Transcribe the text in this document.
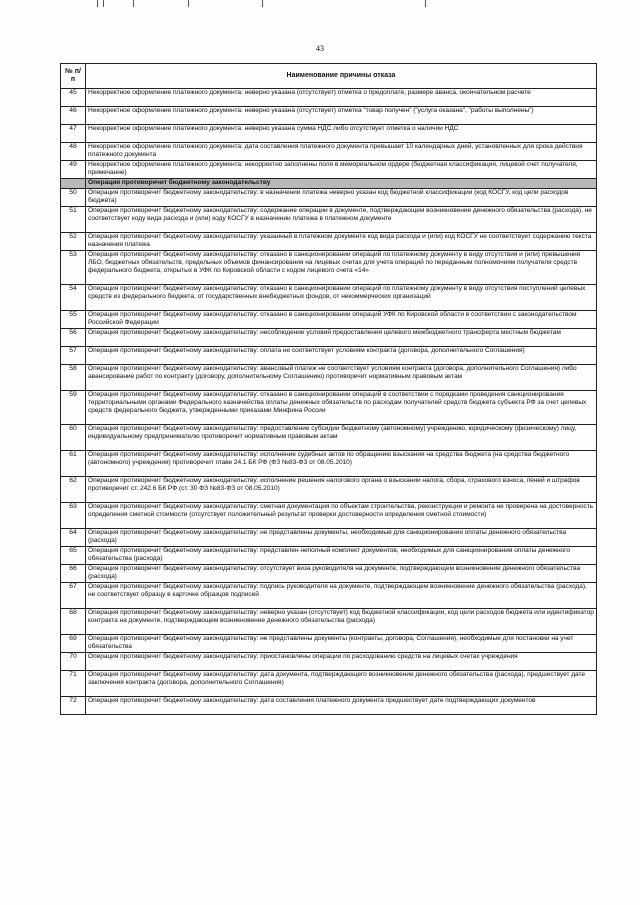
43
№ п/п	Наименование причины отказа
45	Некорректное оформление платежного документа: неверно указана (отсутствует) отметка о предоплате, размере аванса, окончательном расчете
46	Некорректное оформление платежного документа: неверно указана (отсутствует) отметка "товар получен" ("услуга оказана", "работы выполнены")
47	Некорректное оформление платежного документа: неверно указана сумма НДС либо отсутствует отметка о наличии НДС
48	Некорректное оформление платежного документа: дата составления платежного документа превышает 10 календарных дней, установленных для срока действия платежного документа
49	Некорректное оформление платежного документа: некорректно заполнены поля в мемориальном ордере (бюджетная классификация, лицевой счет получателя, примечание)
	Операция противоречит бюджетному законодательству
50	Операция противоречит бюджетному законодательству: в назначении платежа неверно указан код бюджетной классификации (код КОСГУ, код цели расходов бюджета)
51	Операция противоречит бюджетному законодательству: содержание операции в документе, подтверждающем возникновение денежного обязательства (расхода), не соответствует коду вида расхода и (или) коду КОСГУ в назначении платежа в платежном документе
52	Операция противоречит бюджетному законодательству: указанный в платежном документе код вида расхода и (или) код КОСГУ не соответствует содержанию текста назначения платежа
53	Операция противоречит бюджетному законодательству: отказано в санкционировании операций по платежному документу в виду отсутствия и (или) превышения ЛБО, бюджетных обязательств, предельных объемов финансирования на лицевых счетах для учета операций по переданным полномочиям получателя средств федерального бюджета, открытых в УФК по Кировской области с кодом лицевого счета «14»
54	Операция противоречит бюджетному законодательству: отказано в санкционировании операций по платежному документу в виду отсутствия поступлений целевых средств из федерального бюджета, от государственных внебюджетных фондов, от некоммерческих организаций
55	Операция противоречит бюджетному законодательству: отказано в санкционировании операций УФК по Кировской области в соответствии с законодательством Российской Федерации
56	Операция противоречит бюджетному законодательству: несоблюдение условий предоставления целевого межбюджетного трансферта местным бюджетам
57	Операция противоречит бюджетному законодательству: оплата не соответствует условиям контракта (договора, дополнительного Соглашения)
58	Операция противоречит бюджетному законодательству: авансовый платеж не соответствует условиям контракта (договора, дополнительного Соглашения) либо авансирование работ по контракту (договору, дополнительному Соглашению) противоречит нормативным правовым актам
59	Операция противоречит бюджетному законодательству: отказано в санкционировании операций в соответствии с порядками проведения санкционирования территориальными органами Федерального казначейства оплаты денежных обязательств по расходам получателей средств бюджета субъекта РФ за счет целевых средств федерального бюджета, утвержденными приказами Минфина России
60	Операция противоречит бюджетному законодательству: предоставление субсидии бюджетному (автономному) учреждению, юридическому (физическому) лицу, индивидуальному предпринимателю противоречит нормативным правовым актам
61	Операция противоречит бюджетному законодательству: исполнение судебных актов по обращению взыскания на средства бюджета (на средства бюджетного (автономного) учреждения) противоречит главе 24.1 БК РФ (ФЗ №83-ФЗ от 08.05.2010)
62	Операция противоречит бюджетному законодательству: исполнение решения налогового органа о взыскании налога, сбора, страхового взноса, пеней и штрафов противоречит ст. 242.6 БК РФ (ст. 30 ФЗ №83-ФЗ от 08.05.2010)
63	Операция противоречит бюджетному законодательству: сметная документация по объектам строительства, реконструкции и ремонта не проверена на достоверность определения сметной стоимости (отсутствует положительный результат проверки достоверности определения сметной стоимости)
64	Операция противоречит бюджетному законодательству: не представлены документы, необходимые для санкционирования оплаты денежного обязательства (расхода)
65	Операция противоречит бюджетному законодательству: представлен неполный комплект документов, необходимых для санкционирования оплаты денежного обязательства (расхода)
66	Операция противоречит бюджетному законодательству: отсутствует виза руководителя на документе, подтверждающем возникновение денежного обязательства (расхода)
67	Операция противоречит бюджетному законодательству: подпись руководителя на документе, подтверждающем возникновение денежного обязательства (расхода), не соответствует образцу в карточке образцов подписей
68	Операция противоречит бюджетному законодательству: неверно указан (отсутствует) код бюджетной классификации, код цели расходов бюджета или идентификатор контракта на документе, подтверждающем возникновение денежного обязательства (расхода)
69	Операция противоречит бюджетному законодательству: не представлены документы (контракты, договора, Соглашения), необходимые для постановки на учет обязательства
70	Операция противоречит бюджетному законодательству: приостановлены операции по расходованию средств на лицевых счетах учреждения
71	Операция противоречит бюджетному законодательству: дата документа, подтверждающего возникновение денежного обязательства (расхода), предшествует дате заключения контракта (договора, дополнительного Соглашения)
72	Операция противоречит бюджетному законодательству: дата составления платежного документа предшествует дате подтверждающих документов
